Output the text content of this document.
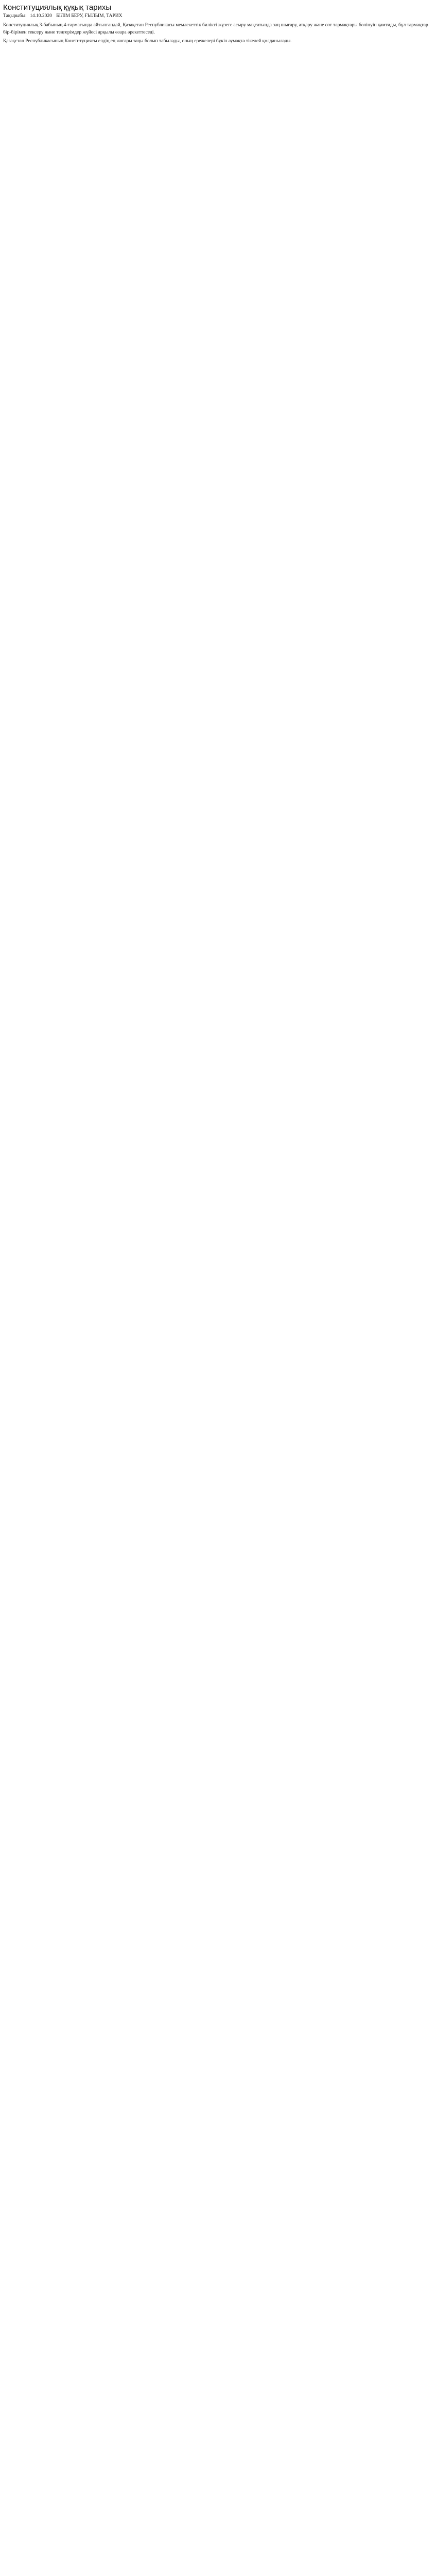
Конституциялық құқық тарихы
Тақырыбы: 14.10.2020 БІЛІМ БЕРУ, ҒЫЛЫМ, ТАРИХ

Конституциялық 3-бабының 4-тармағында айтылғандай, Қазақстан Республикасы мемлекеттік билікті жүзеге асыру мақсатында заң шығару, атқару және сот тармақтары бөлінуін қамтиды, бұл тармақтар бір-бірімен тексеру және теңгерімдер жүйесі арқылы өзара әрекеттеседі.

Қазақстан Республикасының Конституциясы елдің ең жоғары заңы болып табылады, оның ережелері бүкіл аумақта тікелей қолданылады.
